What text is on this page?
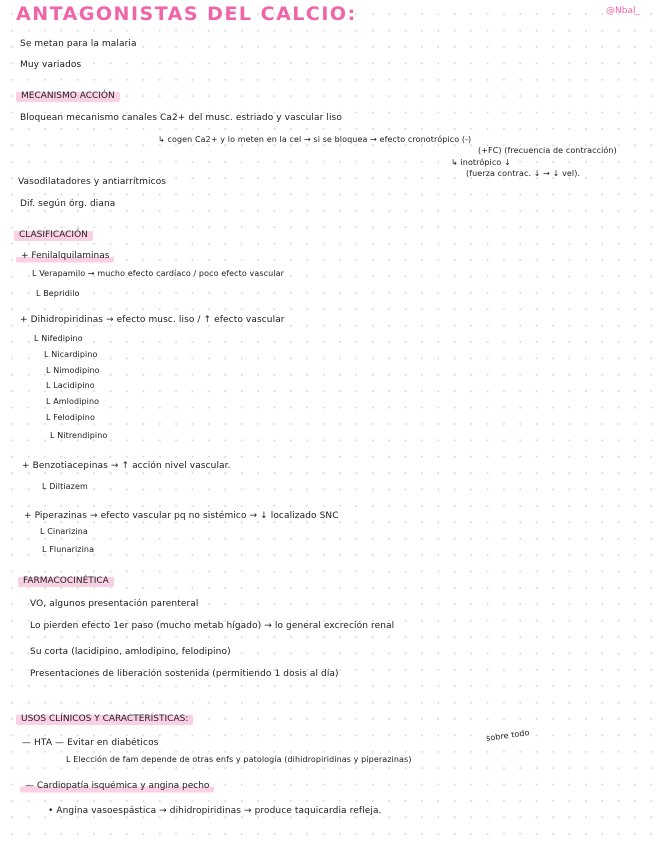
ANTAGONISTAS DEL CALCIO:	@Nbal_
Se metan para la malaria
Muy variados
MECANISMO ACCIÓN
Bloquean mecanismo canales Ca2+ del musc. estriado y vascular liso
↳ cogen Ca2+ y lo meten en la cel → si se bloquea → efecto cronotrópico (-)
(+FC) (frecuencia de contracción)
↳ inotrópico ↓
(fuerza contrac. ↓ → ↓ vel).
Vasodilatadores y antiarrítmicos
Dif. según órg. diana
CLASIFICACIÓN
+ Fenilalquilaminas
L Verapamilo → mucho efecto cardíaco / poco efecto vascular
L Bepridilo
+ Dihidropiridinas → efecto musc. liso / ↑ efecto vascular
L Nifedipino
L Nicardipino
L Nimodipino
L Lacidipino
L Amlodipino
L Felodipino
L Nitrendipino
+ Benzotiacepinas → ↑ acción nivel vascular.
L Diltiazem
+ Piperazinas → efecto vascular pq no sistémico → ↓ localizado SNC
L Cinarizina
L Flunarizina
FARMACOCINÉTICA
VO, algunos presentación parenteral
Lo pierden efecto 1er paso (mucho metab hígado) → lo general excreción renal
Su corta (lacidipino, amlodipino, felodipino)
Presentaciones de liberación sostenida (permitiendo 1 dosis al día)
USOS CLÍNICOS Y CARACTERÍSTICAS:
sobre todo
— HTA — Evitar en diabéticos
L Elección de fam depende de otras enfs y patología (dihidropiridinas y piperazinas)
— Cardiopatía isquémica y angina pecho
• Angina vasoespástica → dihidropiridinas → produce taquicardia refleja.
